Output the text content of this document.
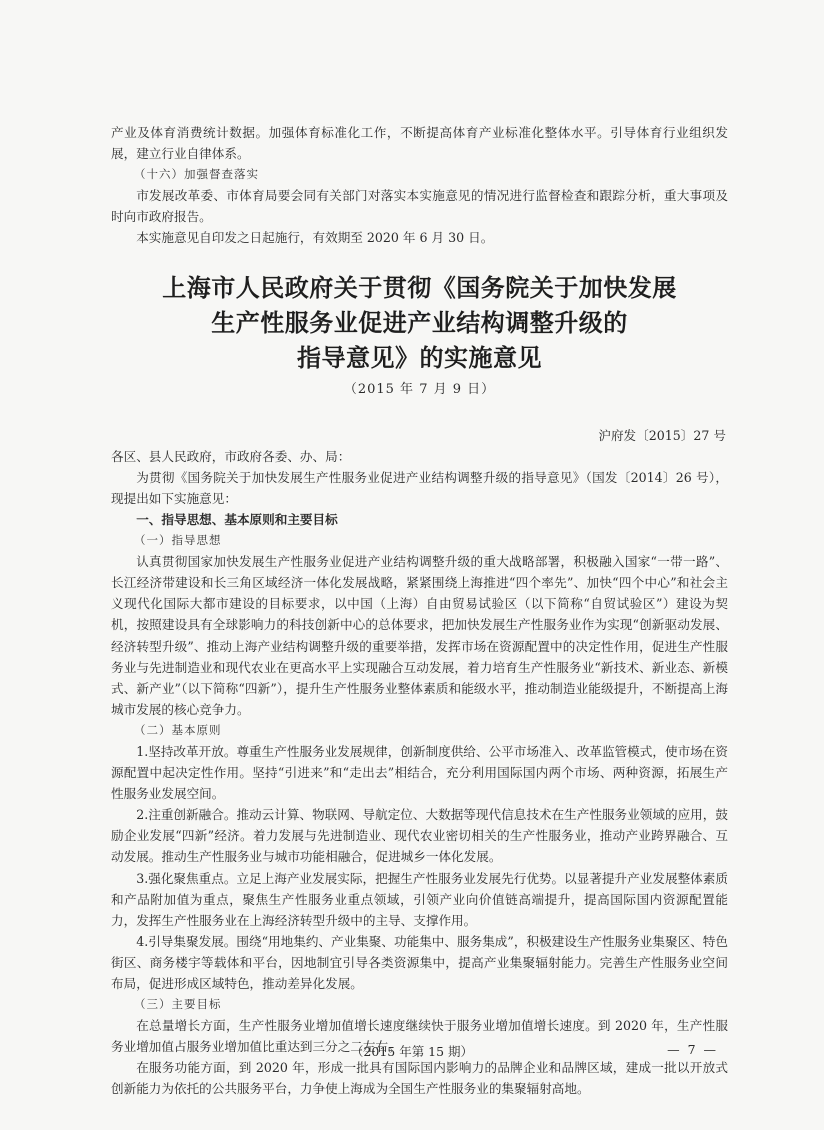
产业及体育消费统计数据。加强体育标准化工作，不断提高体育产业标准化整体水平。引导体育行业组织发展，建立行业自律体系。

（十六）加强督查落实

市发展改革委、市体育局要会同有关部门对落实本实施意见的情况进行监督检查和跟踪分析，重大事项及时向市政府报告。

本实施意见自印发之日起施行，有效期至 2020 年 6 月 30 日。

上海市人民政府关于贯彻《国务院关于加快发展

生产性服务业促进产业结构调整升级的

指导意见》的实施意见

（2015 年 7 月 9 日）

沪府发〔2015〕27 号

各区、县人民政府，市政府各委、办、局：

为贯彻《国务院关于加快发展生产性服务业促进产业结构调整升级的指导意见》（国发〔2014〕26 号），现提出如下实施意见：

一、指导思想、基本原则和主要目标

（一）指导思想

认真贯彻国家加快发展生产性服务业促进产业结构调整升级的重大战略部署，积极融入国家“一带一路”、长江经济带建设和长三角区域经济一体化发展战略，紧紧围绕上海推进“四个率先”、加快“四个中心”和社会主义现代化国际大都市建设的目标要求，以中国（上海）自由贸易试验区（以下简称“自贸试验区”）建设为契机，按照建设具有全球影响力的科技创新中心的总体要求，把加快发展生产性服务业作为实现“创新驱动发展、经济转型升级”、推动上海产业结构调整升级的重要举措，发挥市场在资源配置中的决定性作用，促进生产性服务业与先进制造业和现代农业在更高水平上实现融合互动发展，着力培育生产性服务业“新技术、新业态、新模式、新产业”（以下简称“四新”），提升生产性服务业整体素质和能级水平，推动制造业能级提升，不断提高上海城市发展的核心竞争力。

（二）基本原则

1.坚持改革开放。尊重生产性服务业发展规律，创新制度供给、公平市场准入、改革监管模式，使市场在资源配置中起决定性作用。坚持“引进来”和“走出去”相结合，充分利用国际国内两个市场、两种资源，拓展生产性服务业发展空间。

2.注重创新融合。推动云计算、物联网、导航定位、大数据等现代信息技术在生产性服务业领域的应用，鼓励企业发展“四新”经济。着力发展与先进制造业、现代农业密切相关的生产性服务业，推动产业跨界融合、互动发展。推动生产性服务业与城市功能相融合，促进城乡一体化发展。

3.强化聚焦重点。立足上海产业发展实际，把握生产性服务业发展先行优势。以显著提升产业发展整体素质和产品附加值为重点，聚焦生产性服务业重点领域，引领产业向价值链高端提升，提高国际国内资源配置能力，发挥生产性服务业在上海经济转型升级中的主导、支撑作用。

4.引导集聚发展。围绕“用地集约、产业集聚、功能集中、服务集成”，积极建设生产性服务业集聚区、特色街区、商务楼宇等载体和平台，因地制宜引导各类资源集中，提高产业集聚辐射能力。完善生产性服务业空间布局，促进形成区域特色，推动差异化发展。

（三）主要目标

在总量增长方面，生产性服务业增加值增长速度继续快于服务业增加值增长速度。到 2020 年，生产性服务业增加值占服务业增加值比重达到三分之二左右。

在服务功能方面，到 2020 年，形成一批具有国际国内影响力的品牌企业和品牌区域，建成一批以开放式创新能力为依托的公共服务平台，力争使上海成为全国生产性服务业的集聚辐射高地。

（2015 年第 15 期）	— 7 —
